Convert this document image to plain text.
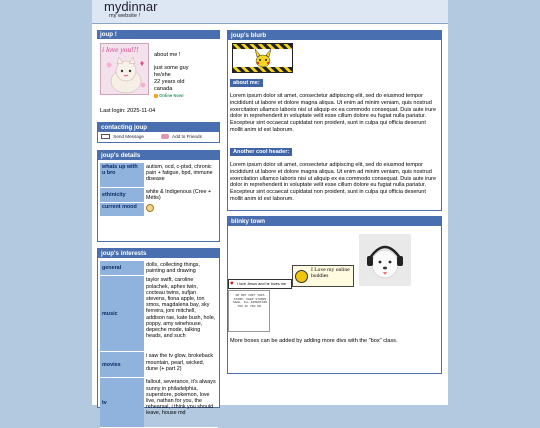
mydinnar
my website !
joup !
i love you!!!
about me !
just some guy
he/she
22 years old
canada
Online Now!
Last login: 2025-11-04
contacting joup
Send Message	Add to Friends
joup's details
whats up with u bro	autism, ocd, c-ptsd, chronic pain + fatigue, bpd, immune disease
ethinicity	white & Indigenous (Cree + Métis)
current mood	
joup's interests
general	dolls, collecting things, painting and drawing
music	taylor swift, caroline polachek, aphex twin, cocteau twins, sufjan stevens, fiona apple, ton smos, magdalena bay, sky ferreira, joni mitchell, addison rae, kate bush, hole, poppy, amy winehouse, depeche mode, talking heads, and such
movies	i saw the tv glow, brokeback mountain, pearl, wicked, dune (+ part 2)
tv	fallout, severance, it's always sunny in philadelphia, superstore, pokemon, love live, nathan for you, the rehearsal, i think you should leave, house md
joup's blurb
about me:
Lorem ipsum dolor sit amet, consectetur adipiscing elit, sed do eiusmod tempor incididunt ut labore et dolore magna aliqua. Ut enim ad minim veniam, quis nostrud exercitation ullamco laboris nisi ut aliquip ex ea commodo consequat. Duis aute irure dolor in reprehenderit in voluptate velit esse cillum dolore eu fugiat nulla pariatur. Excepteur sint occaecat cupidatat non proident, sunt in culpa qui officia deserunt mollit anim id est laborum.
Another cool header:
Lorem ipsum dolor sit amet, consectetur adipiscing elit, sed do eiusmod tempor incididunt ut labore et dolore magna aliqua. Ut enim ad minim veniam, quis nostrud exercitation ullamco laboris nisi ut aliquip ex ea commodo consequat. Duis aute irure dolor in reprehenderit in voluptate velit esse cillum dolore eu fugiat nulla pariatur. Excepteur sint occaecat cupidatat non proident, sunt in culpa qui officia deserunt mollit anim id est laborum.
blinky town
♥ I love Jesus and he loves me
I Love my online buddies
DO NOT COPY THIS STAMP. KEEP STAMPS SAFE. ILL ENTERTAIN YOU IF YOU DO.
More boxes can be added by adding more divs with the "box" class.
